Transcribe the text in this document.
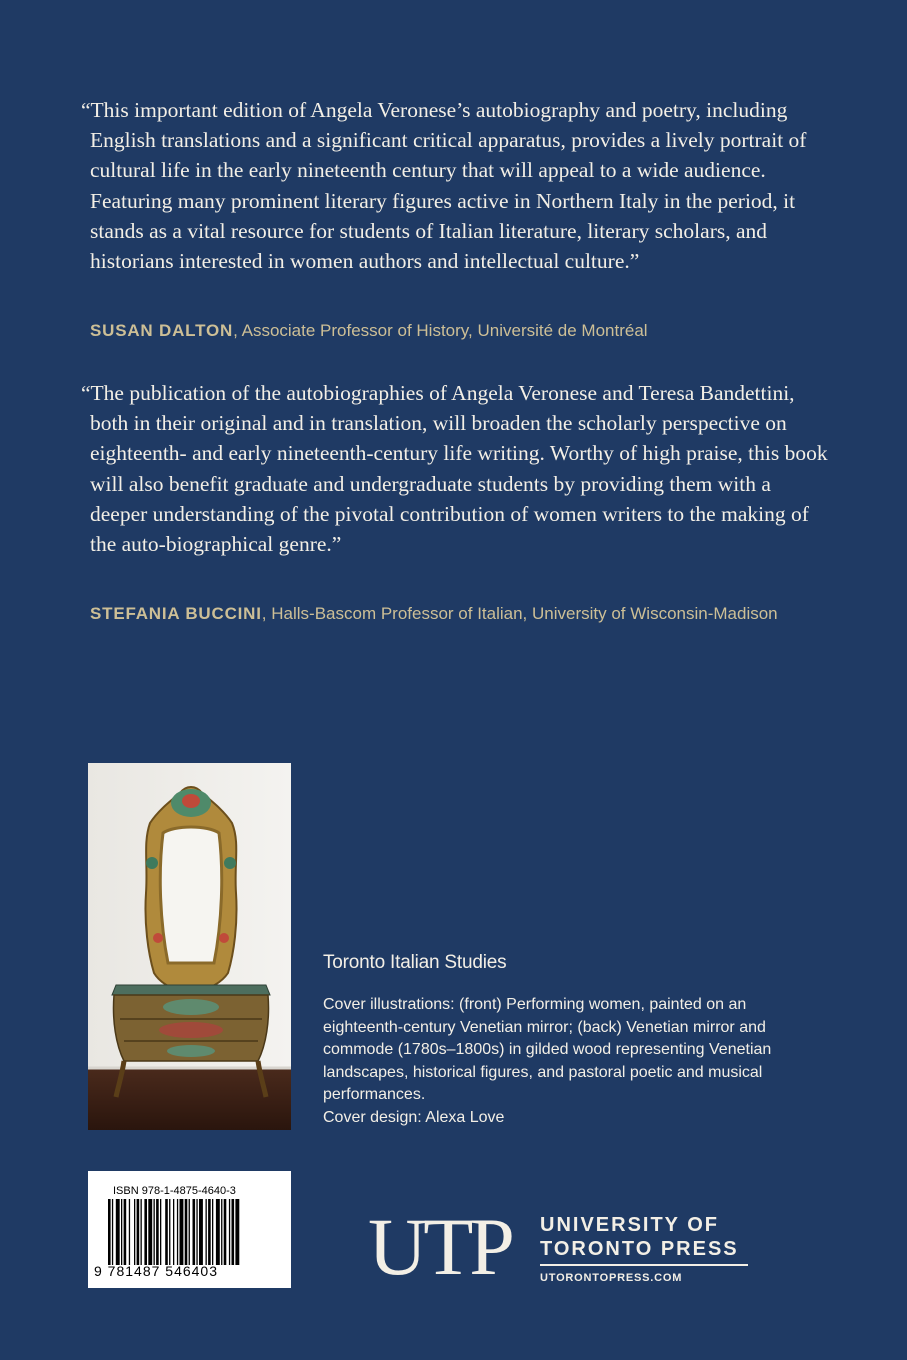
“This important edition of Angela Veronese’s autobiography and poetry, including English translations and a significant critical apparatus, provides a lively portrait of cultural life in the early nineteenth century that will appeal to a wide audience. Featuring many prominent literary figures active in Northern Italy in the period, it stands as a vital resource for students of Italian literature, literary scholars, and historians interested in women authors and intellectual culture.”

SUSAN DALTON, Associate Professor of History, Université de Montréal

“The publication of the autobiographies of Angela Veronese and Teresa Bandettini, both in their original and in translation, will broaden the scholarly perspective on eighteenth- and early nineteenth-century life writing. Worthy of high praise, this book will also benefit graduate and undergraduate students by providing them with a deeper understanding of the pivotal contribution of women writers to the making of the auto-biographical genre.”

STEFANIA BUCCINI, Halls-Bascom Professor of Italian, University of Wisconsin-Madison
Toronto Italian Studies

Cover illustrations: (front) Performing women, painted on an eighteenth-century Venetian mirror; (back) Venetian mirror and commode (1780s–1800s) in gilded wood representing Venetian landscapes, historical figures, and pastoral poetic and musical performances.
Cover design: Alexa Love

ISBN 978-1-4875-4640-3
9 781487 546403 UTP UNIVERSITY OF
TORONTO PRESS
UTORONTOPRESS.COM
